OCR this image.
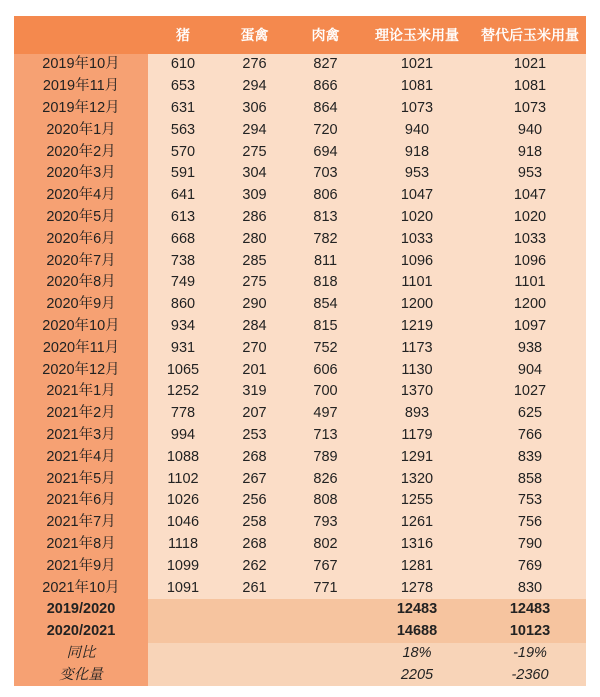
	猪	蛋禽	肉禽	理论玉米用量	替代后玉米用量
2019年10月	610	276	827	1021	1021
2019年11月	653	294	866	1081	1081
2019年12月	631	306	864	1073	1073
2020年1月	563	294	720	940	940
2020年2月	570	275	694	918	918
2020年3月	591	304	703	953	953
2020年4月	641	309	806	1047	1047
2020年5月	613	286	813	1020	1020
2020年6月	668	280	782	1033	1033
2020年7月	738	285	811	1096	1096
2020年8月	749	275	818	1101	1101
2020年9月	860	290	854	1200	1200
2020年10月	934	284	815	1219	1097
2020年11月	931	270	752	1173	938
2020年12月	1065	201	606	1130	904
2021年1月	1252	319	700	1370	1027
2021年2月	778	207	497	893	625
2021年3月	994	253	713	1179	766
2021年4月	1088	268	789	1291	839
2021年5月	1102	267	826	1320	858
2021年6月	1026	256	808	1255	753
2021年7月	1046	258	793	1261	756
2021年8月	1118	268	802	1316	790
2021年9月	1099	262	767	1281	769
2021年10月	1091	261	771	1278	830
2019/2020				12483	12483
2020/2021				14688	10123
同比				18%	-19%
变化量				2205	-2360
